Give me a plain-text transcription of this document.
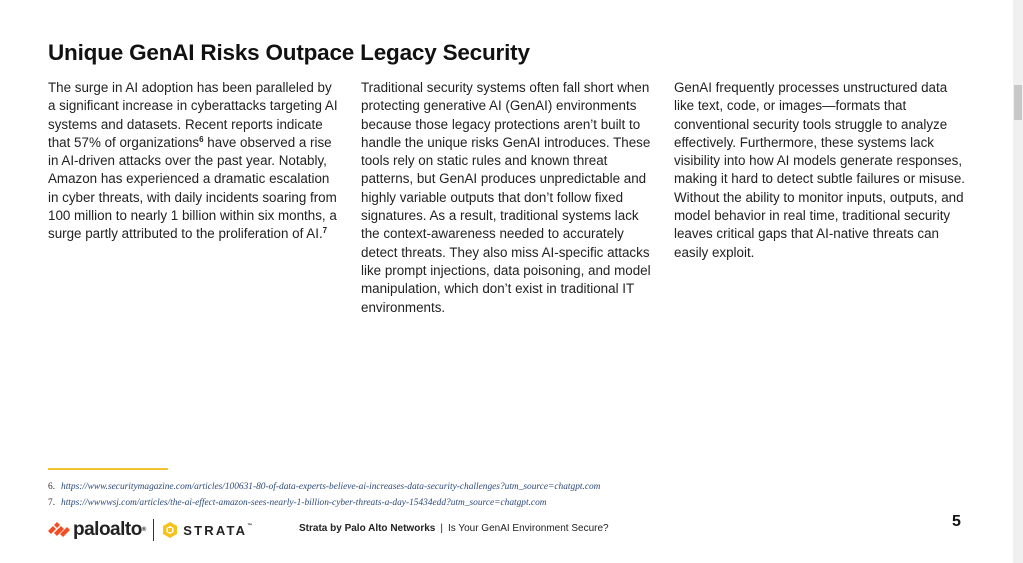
Unique GenAI Risks Outpace Legacy Security

The surge in AI adoption has been paralleled by a significant increase in cyberattacks targeting AI systems and datasets. Recent reports indicate that 57% of organizations$^6$ have observed a rise in AI-driven attacks over the past year. Notably, Amazon has experienced a dramatic escalation in cyber threats, with daily incidents soaring from 100 million to nearly 1 billion within six months, a surge partly attributed to the proliferation of AI.$^7$

Traditional security systems often fall short when protecting generative AI (GenAI) environments because those legacy protections aren’t built to handle the unique risks GenAI introduces. These tools rely on static rules and known threat patterns, but GenAI produces unpredictable and highly variable outputs that don’t follow fixed signatures. As a result, traditional systems lack the context-awareness needed to accurately detect threats. They also miss AI-specific attacks like prompt injections, data poisoning, and model manipulation, which don’t exist in traditional IT environments.

GenAI frequently processes unstructured data like text, code, or images—formats that conventional security tools struggle to analyze effectively. Furthermore, these systems lack visibility into how AI models generate responses, making it hard to detect subtle failures or misuse. Without the ability to monitor inputs, outputs, and model behavior in real time, traditional security leaves critical gaps that AI-native threats can easily exploit.

6. https://www.securitymagazine.com/articles/100631-80-of-data-experts-believe-ai-increases-data-security-challenges?utm_source=chatgpt.com
7. https://wwwwsj.com/articles/the-ai-effect-amazon-sees-nearly-1-billion-cyber-threats-a-day-15434edd?utm_source=chatgpt.com
paloalto®	STRATA™	Strata by Palo Alto Networks | Is Your GenAI Environment Secure?	5
